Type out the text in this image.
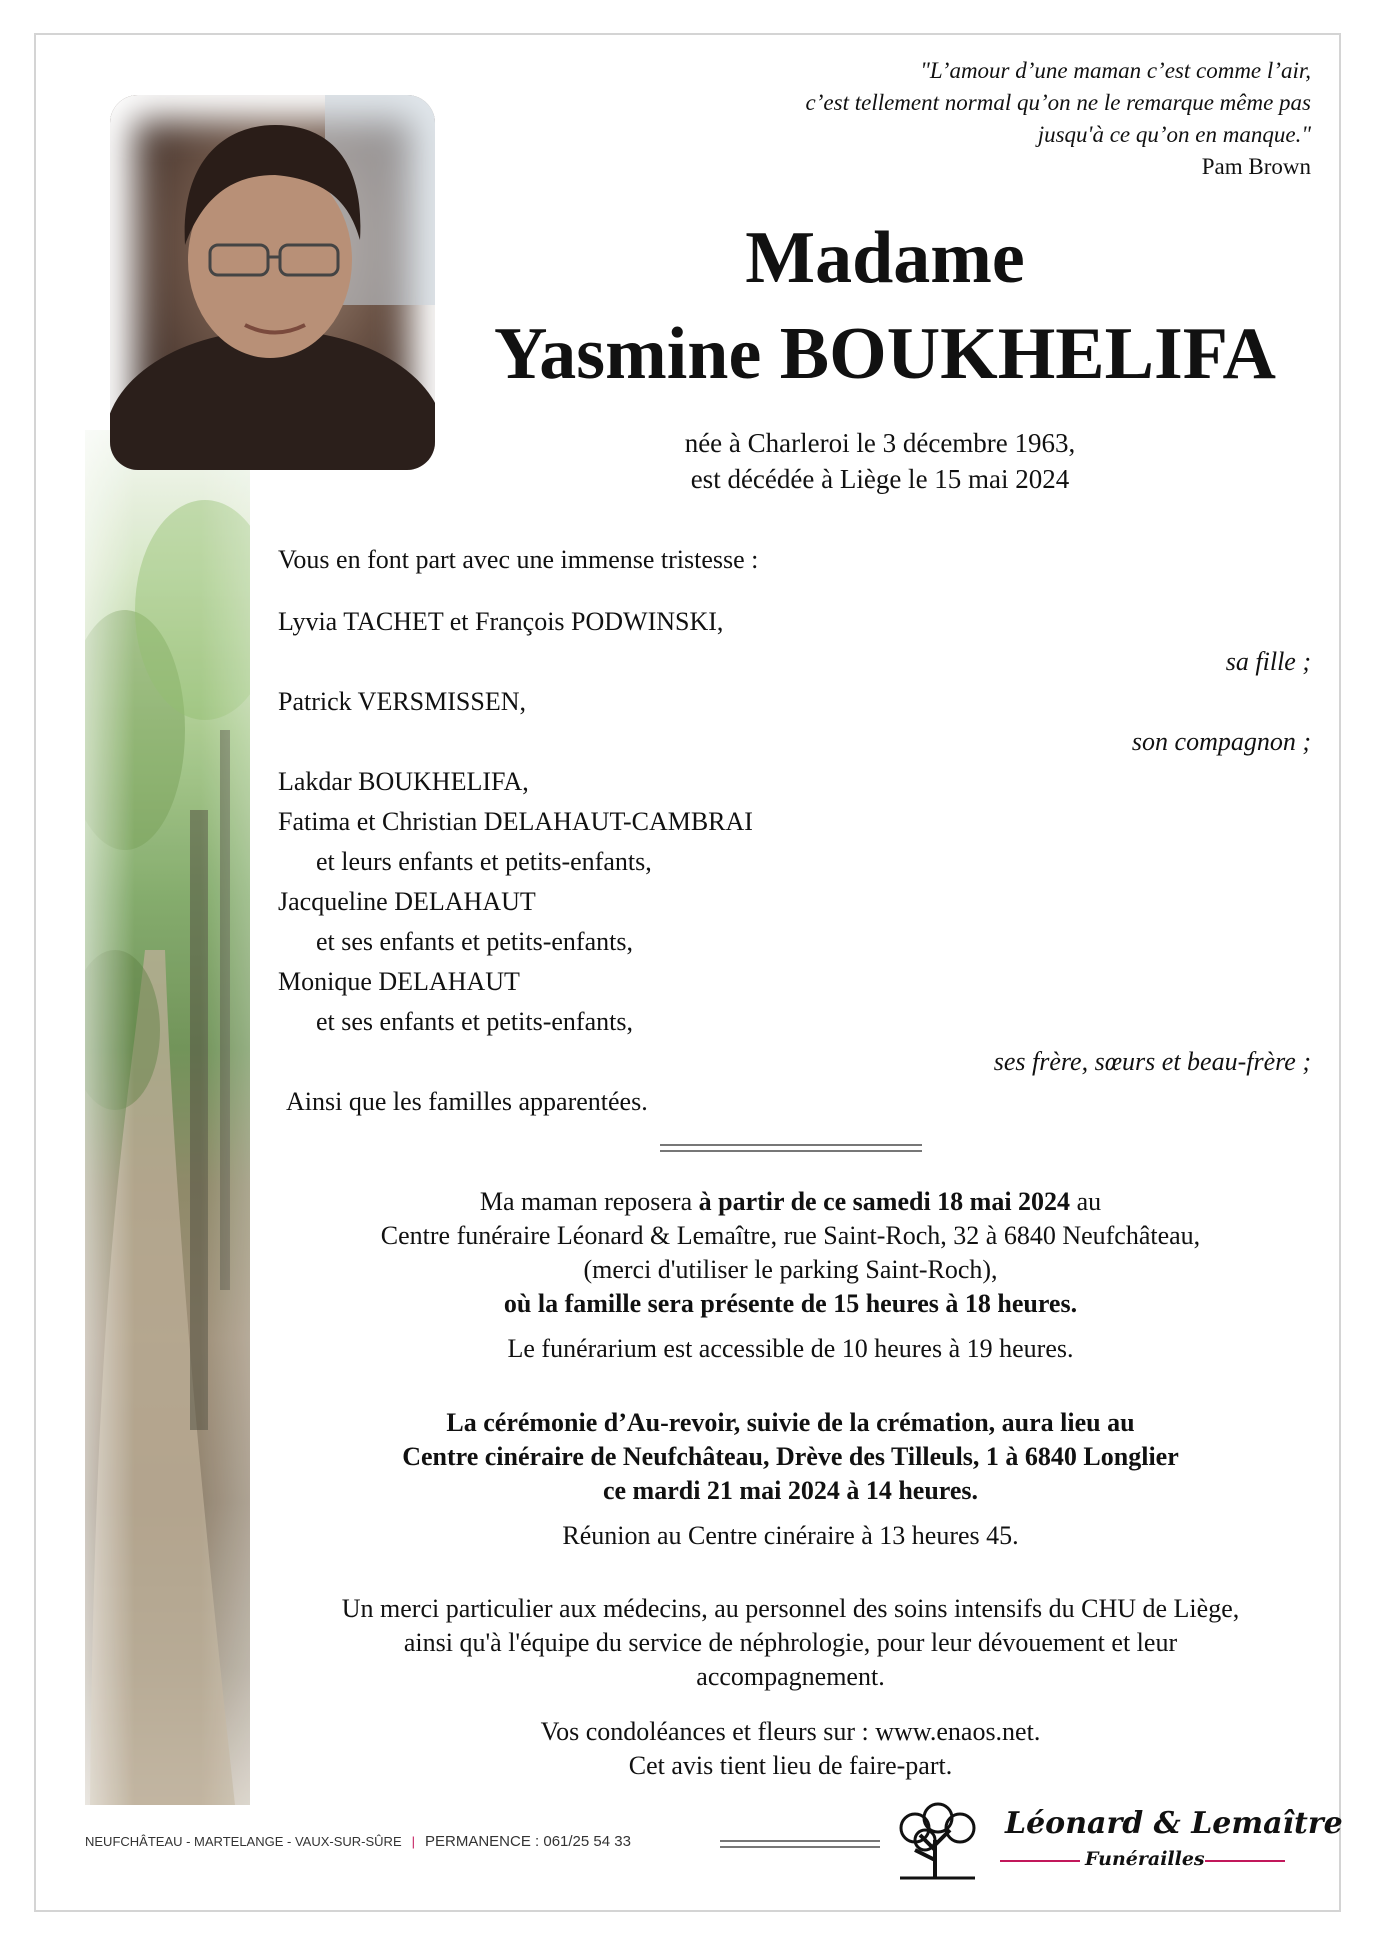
"L’amour d’une maman c’est comme l’air,
c’est tellement normal qu’on ne le remarque même pas
jusqu'à ce qu’on en manque."
Pam Brown
Madame
Yasmine BOUKHELIFA
née à Charleroi le 3 décembre 1963,
est décédée à Liège le 15 mai 2024
Vous en font part avec une immense tristesse :
Lyvia TACHET et François PODWINSKI,
sa fille ;
Patrick VERSMISSEN,
son compagnon ;
Lakdar BOUKHELIFA,
Fatima et Christian DELAHAUT-CAMBRAI
et leurs enfants et petits-enfants,
Jacqueline DELAHAUT
et ses enfants et petits-enfants,
Monique DELAHAUT
et ses enfants et petits-enfants,
ses frère, sœurs et beau-frère ;
Ainsi que les familles apparentées.
Ma maman reposera à partir de ce samedi 18 mai 2024 au
Centre funéraire Léonard & Lemaître, rue Saint-Roch, 32 à 6840 Neufchâteau,
(merci d'utiliser le parking Saint-Roch),
où la famille sera présente de 15 heures à 18 heures.
Le funérarium est accessible de 10 heures à 19 heures.
La cérémonie d’Au-revoir, suivie de la crémation, aura lieu au
Centre cinéraire de Neufchâteau, Drève des Tilleuls, 1 à 6840 Longlier
ce mardi 21 mai 2024 à 14 heures.
Réunion au Centre cinéraire à 13 heures 45.
Un merci particulier aux médecins, au personnel des soins intensifs du CHU de Liège,
ainsi qu'à l'équipe du service de néphrologie, pour leur dévouement et leur
accompagnement.
Vos condoléances et fleurs sur : www.enaos.net.
Cet avis tient lieu de faire-part.
NEUFCHÂTEAU - MARTELANGE - VAUX-SUR-SÛRE | PERMANENCE : 061/25 54 33
Léonard & Lemaître
Funérailles
